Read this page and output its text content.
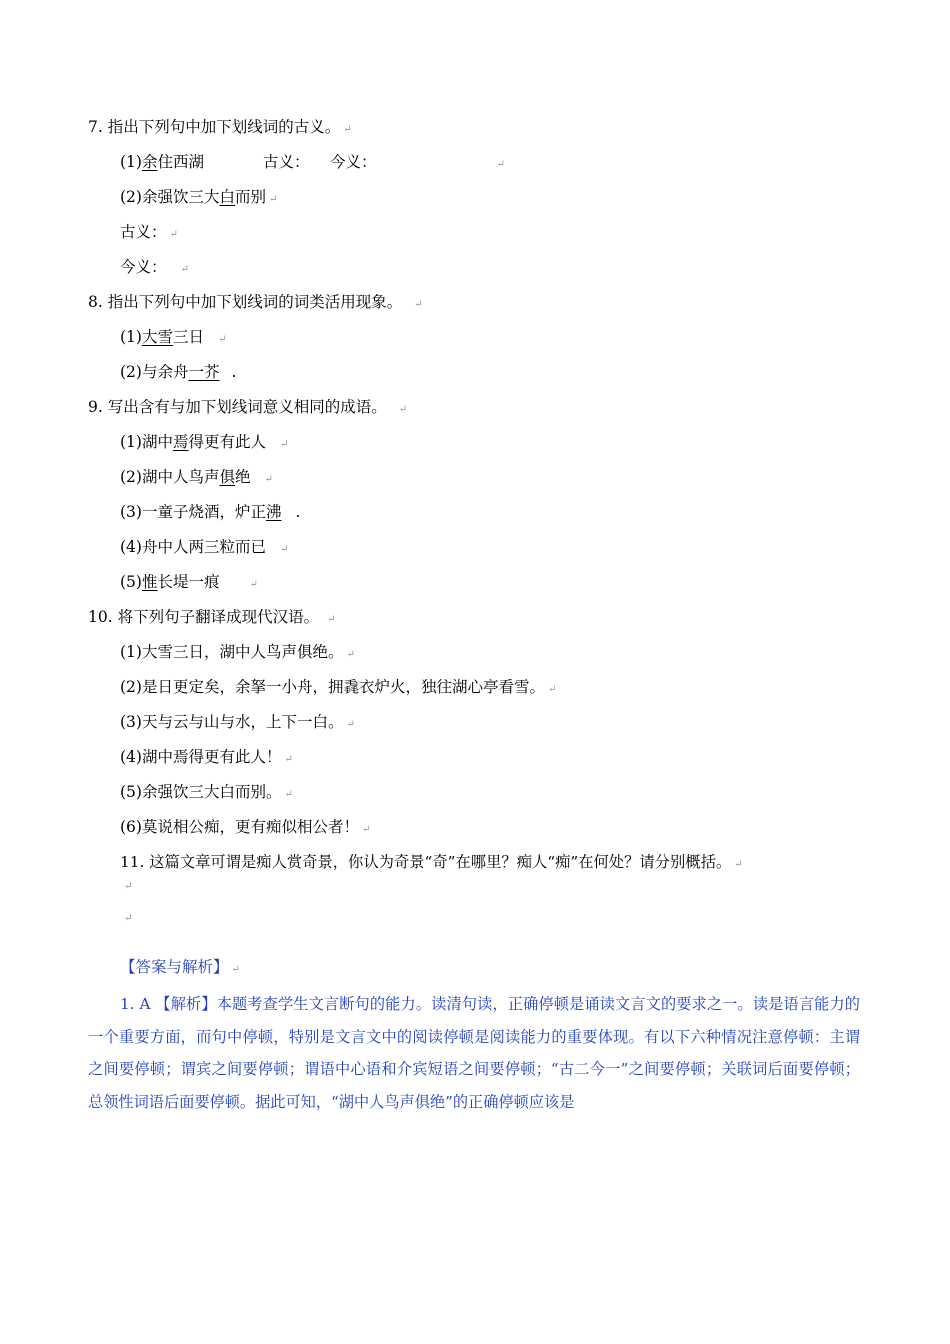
7. 指出下列句中加下划线词的古义。 ↵
(1)余住西湖	古义： 今义：	↵
(2)余强饮三大白而别 ↵
古义： ↵
今义： ↵
8. 指出下列句中加下划线词的词类活用现象。 ↵
(1)大雪三日 ↵
(2)与余舟一芥 .
9. 写出含有与加下划线词意义相同的成语。 ↵
(1)湖中焉得更有此人 ↵
(2)湖中人鸟声俱绝 ↵
(3)一童子烧酒，炉正沸 .
(4)舟中人两三粒而已 ↵
(5)惟长堤一痕	↵
10. 将下列句子翻译成现代汉语。 ↵
(1)大雪三日，湖中人鸟声俱绝。 ↵
(2)是日更定矣，余拏一小舟，拥毳衣炉火，独往湖心亭看雪。 ↵
(3)天与云与山与水，上下一白。 ↵
(4)湖中焉得更有此人！ ↵
(5)余强饮三大白而别。 ↵
(6)莫说相公痴，更有痴似相公者！ ↵
11. 这篇文章可谓是痴人赏奇景，你认为奇景“奇”在哪里？痴人“痴”在何处？请分别概括。 ↵
↵
↵
【答案与解析】 ↵
1. A 【解析】本题考查学生文言断句的能力。读清句读，正确停顿是诵读文言文的要求之一。读是语言能力的一个重要方面，而句中停顿，特别是文言文中的阅读停顿是阅读能力的重要体现。有以下六种情况注意停顿：主谓之间要停顿；谓宾之间要停顿；谓语中心语和介宾短语之间要停顿；“古二今一”之间要停顿；关联词后面要停顿；总领性词语后面要停顿。据此可知，“湖中人鸟声俱绝”的正确停顿应该是
